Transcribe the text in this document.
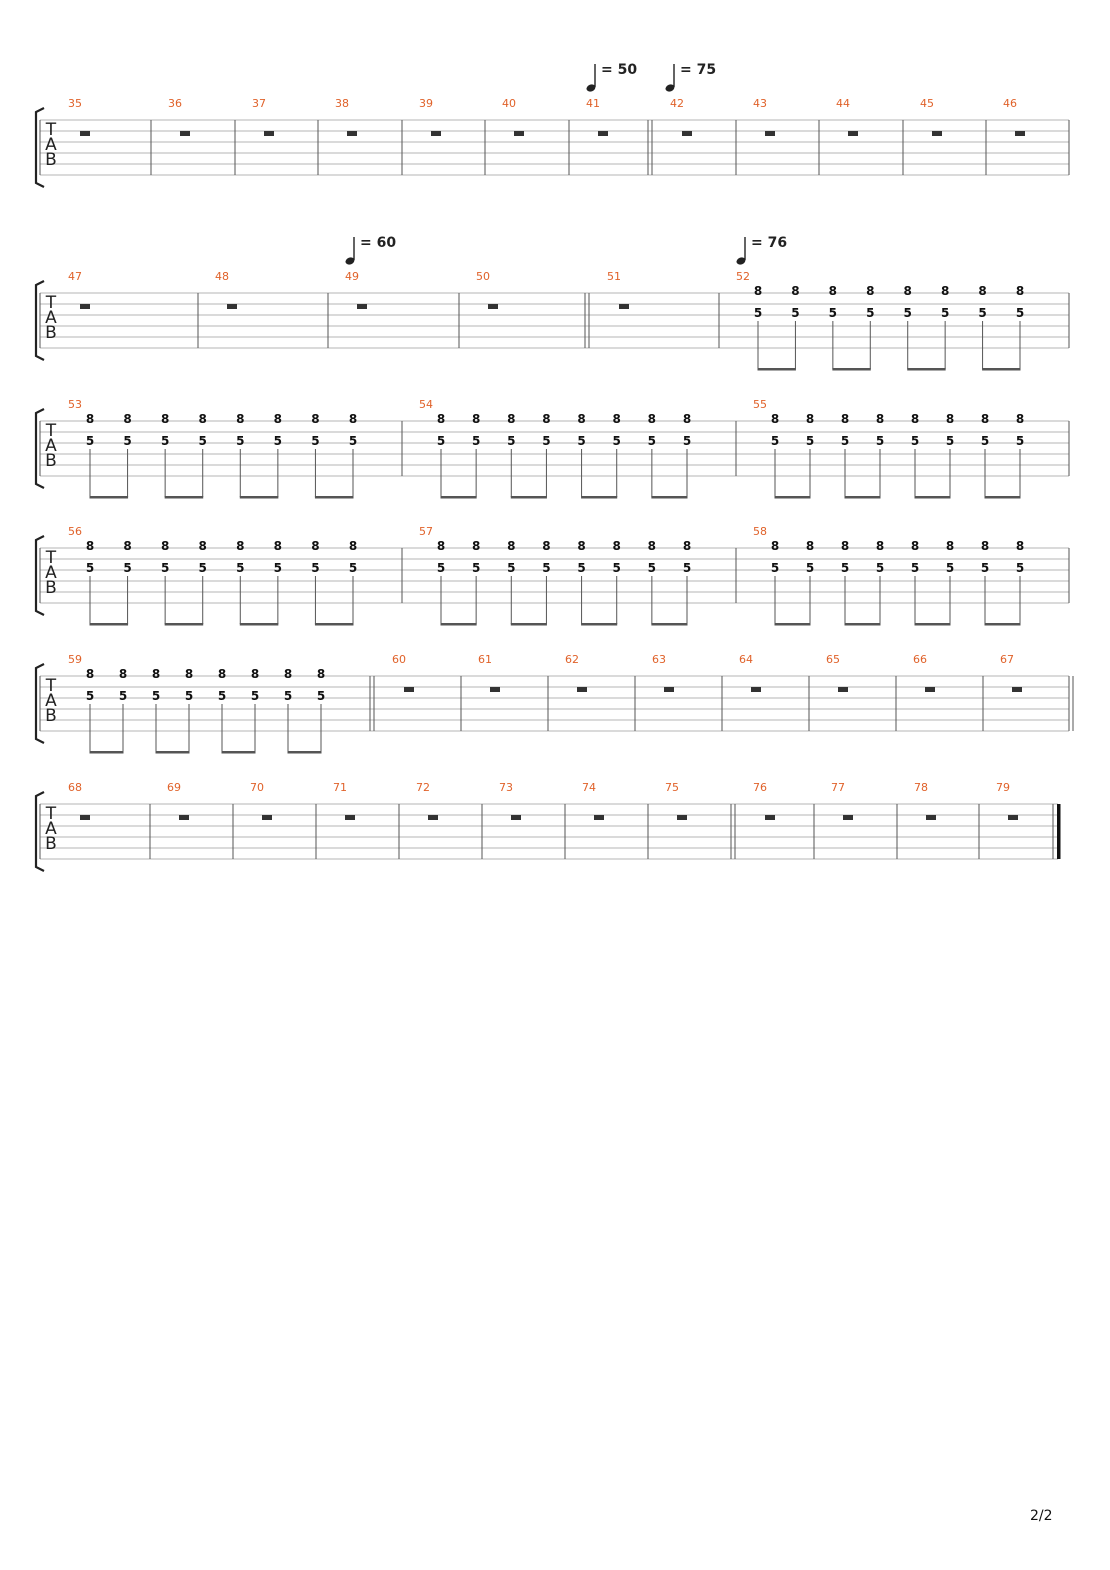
T
A
B
35	36	37	38	39	40	41	42	43	44	45	46
= 50	= 75
T
A
B
47	48	49	50	51	52
8
5
8
5
8
5
8
5
8
5
8
5
8
5
8
5
= 60	= 76
T
A
B
53
8
5
8
5
8
5
8
5
8
5
8
5
8
5
8
5
54
8
5
8
5
8
5
8
5
8
5
8
5
8
5
8
5
55
8
5
8
5
8
5
8
5
8
5
8
5
8
5
8
5
T
A
B
56
8
5
8
5
8
5
8
5
8
5
8
5
8
5
8
5
57
8
5
8
5
8
5
8
5
8
5
8
5
8
5
8
5
58
8
5
8
5
8
5
8
5
8
5
8
5
8
5
8
5
T
A
B
59
8
5
8
5
8
5
8
5
8
5
8
5
8
5
8
5
60	61	62	63	64	65	66	67
T
A
B
68	69	70	71	72	73	74	75	76	77	78	79
2/2
